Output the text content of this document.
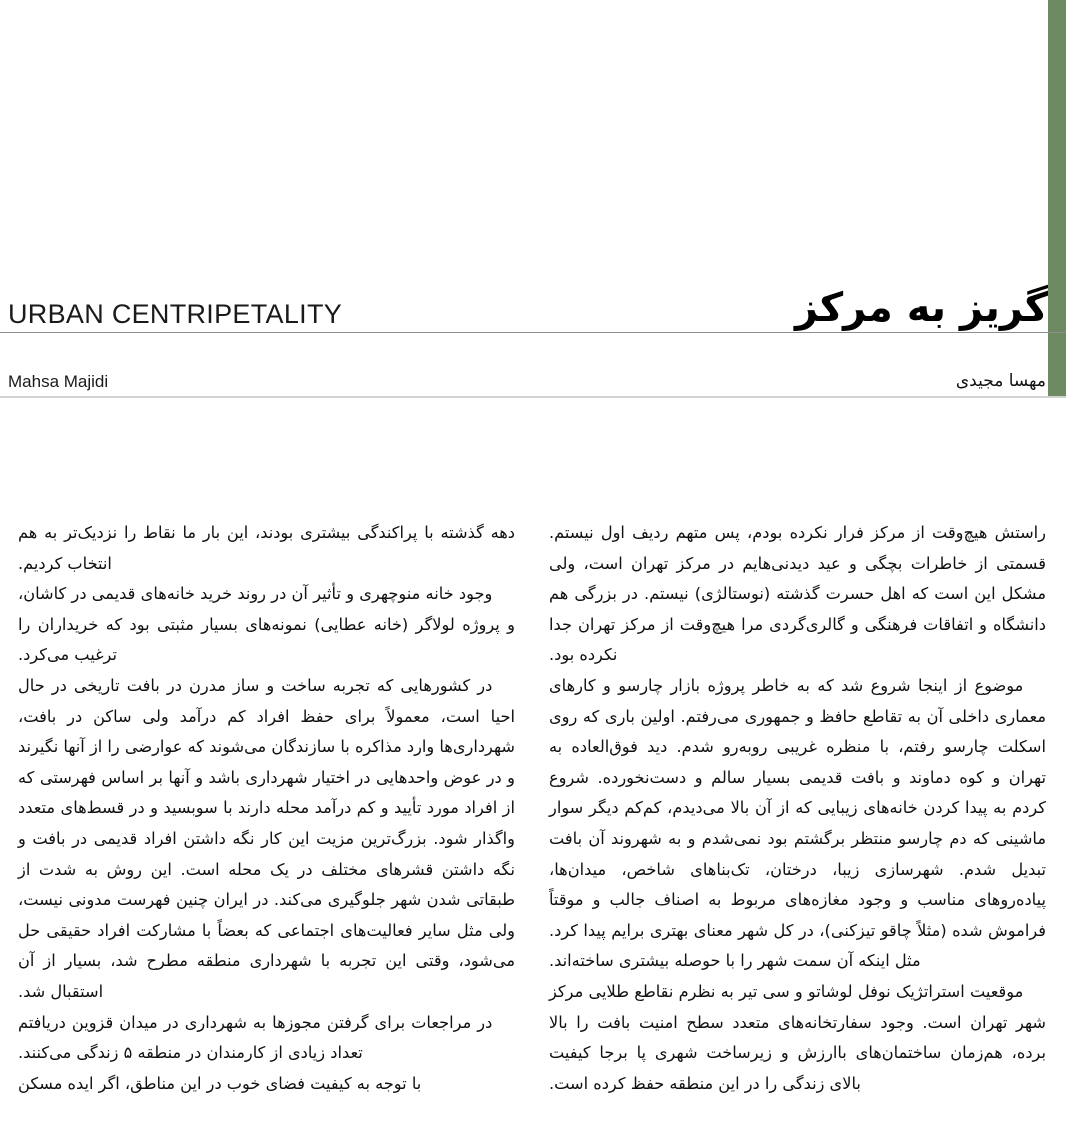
URBAN CENTRIPETALITY	گریز به مرکز
Mahsa Majidi	مهسا مجیدی

راستش هیچ‌وقت از مرکز فرار نکرده بودم، پس متهم ردیف اول نیستم. قسمتی از خاطرات بچگی و عید دیدنی‌هایم در مرکز تهران است، ولی مشکل این است که اهل حسرت گذشته (نوستالژی) نیستم. در بزرگی هم دانشگاه و اتفاقات فرهنگی و گالری‌گردی مرا هیچ‌وقت از مرکز تهران جدا نکرده بود.

موضوع از اینجا شروع شد که به خاطر پروژه بازار چارسو و کارهای معماری داخلی آن به تقاطع حافظ و جمهوری می‌رفتم. اولین باری که روی اسکلت چارسو رفتم، با منظره غریبی روبه‌رو شدم. دید فوق‌العاده به تهران و کوه دماوند و بافت قدیمی بسیار سالم و دست‌نخورده. شروع کردم به پیدا کردن خانه‌های زیبایی که از آن بالا می‌دیدم، کم‌کم دیگر سوار ماشینی که دم چارسو منتظر برگشتم بود نمی‌شدم و به شهروند آن بافت تبدیل شدم. شهرسازی زیبا، درختان، تک‌بناهای شاخص، میدان‌ها، پیاده‌روهای مناسب و وجود مغازه‌های مربوط به اصناف جالب و موقتاً فراموش شده (مثلاً چاقو تیزکنی)، در کل شهر معنای بهتری برایم پیدا کرد. مثل اینکه آن سمت شهر را با حوصله بیشتری ساخته‌اند.

موقعیت استراتژیک نوفل لوشاتو و سی تیر به نظرم نقاطع طلایی مرکز شهر تهران است. وجود سفارتخانه‌های متعدد سطح امنیت بافت را بالا برده، هم‌زمان ساختمان‌های باارزش و زیرساخت شهری پا برجا کیفیت بالای زندگی را در این منطقه حفظ کرده است.

دهه گذشته با پراکندگی بیشتری بودند، این بار ما نقاط را نزدیک‌تر به هم انتخاب کردیم.

وجود خانه منوچهری و تأثیر آن در روند خرید خانه‌های قدیمی در کاشان، و پروژه لولاگر (خانه عطایی) نمونه‌های بسیار مثبتی بود که خریداران را ترغیب می‌کرد.

در کشورهایی که تجربه ساخت و ساز مدرن در بافت تاریخی در حال احیا است، معمولاً برای حفظ افراد کم درآمد ولی ساکن در بافت، شهرداری‌ها وارد مذاکره با سازندگان می‌شوند که عوارضی را از آنها نگیرند و در عوض واحدهایی در اختیار شهرداری باشد و آنها بر اساس فهرستی که از افراد مورد تأیید و کم درآمد محله دارند با سوبسید و در قسط‌های متعدد واگذار شود. بزرگ‌ترین مزیت این کار نگه داشتن افراد قدیمی در بافت و نگه داشتن قشرهای مختلف در یک محله است. این روش به شدت از طبقاتی شدن شهر جلوگیری می‌کند. در ایران چنین فهرست مدونی نیست، ولی مثل سایر فعالیت‌های اجتماعی که بعضاً با مشارکت افراد حقیقی حل می‌شود، وقتی این تجربه با شهرداری منطقه مطرح شد، بسیار از آن استقبال شد.

در مراجعات برای گرفتن مجوزها به شهرداری در میدان قزوین دریافتم تعداد زیادی از کارمندان در منطقه ۵ زندگی می‌کنند.

با توجه به کیفیت فضای خوب در این مناطق، اگر ایده مسکن
